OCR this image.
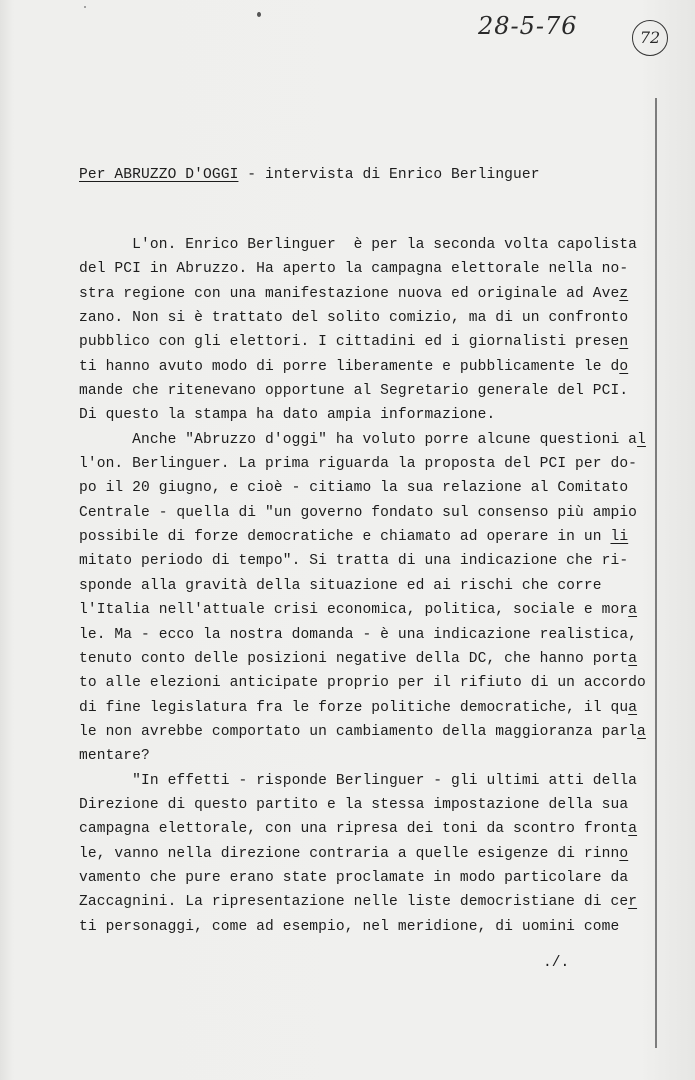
28-5-76	72
Per ABRUZZO D'OGGI - intervista di Enrico Berlinguer
L'on. Enrico Berlinguer  è per la seconda volta capolista
del PCI in Abruzzo. Ha aperto la campagna elettorale nella no-
stra regione con una manifestazione nuova ed originale ad Avez
zano. Non si è trattato del solito comizio, ma di un confronto
pubblico con gli elettori. I cittadini ed i giornalisti presen
ti hanno avuto modo di porre liberamente e pubblicamente le do
mande che ritenevano opportune al Segretario generale del PCI.
Di questo la stampa ha dato ampia informazione.
Anche "Abruzzo d'oggi" ha voluto porre alcune questioni al
l'on. Berlinguer. La prima riguarda la proposta del PCI per do-
po il 20 giugno, e cioè - citiamo la sua relazione al Comitato
Centrale - quella di "un governo fondato sul consenso più ampio
possibile di forze democratiche e chiamato ad operare in un li
mitato periodo di tempo". Si tratta di una indicazione che ri-
sponde alla gravità della situazione ed ai rischi che corre
l'Italia nell'attuale crisi economica, politica, sociale e mora
le. Ma - ecco la nostra domanda - è una indicazione realistica,
tenuto conto delle posizioni negative della DC, che hanno porta
to alle elezioni anticipate proprio per il rifiuto di un accordo
di fine legislatura fra le forze politiche democratiche, il qua
le non avrebbe comportato un cambiamento della maggioranza parla
mentare?
"In effetti - risponde Berlinguer - gli ultimi atti della
Direzione di questo partito e la stessa impostazione della sua
campagna elettorale, con una ripresa dei toni da scontro fronta
le, vanno nella direzione contraria a quelle esigenze di rinno
vamento che pure erano state proclamate in modo particolare da
Zaccagnini. La ripresentazione nelle liste democristiane di cer
ti personaggi, come ad esempio, nel meridione, di uomini come
./.
